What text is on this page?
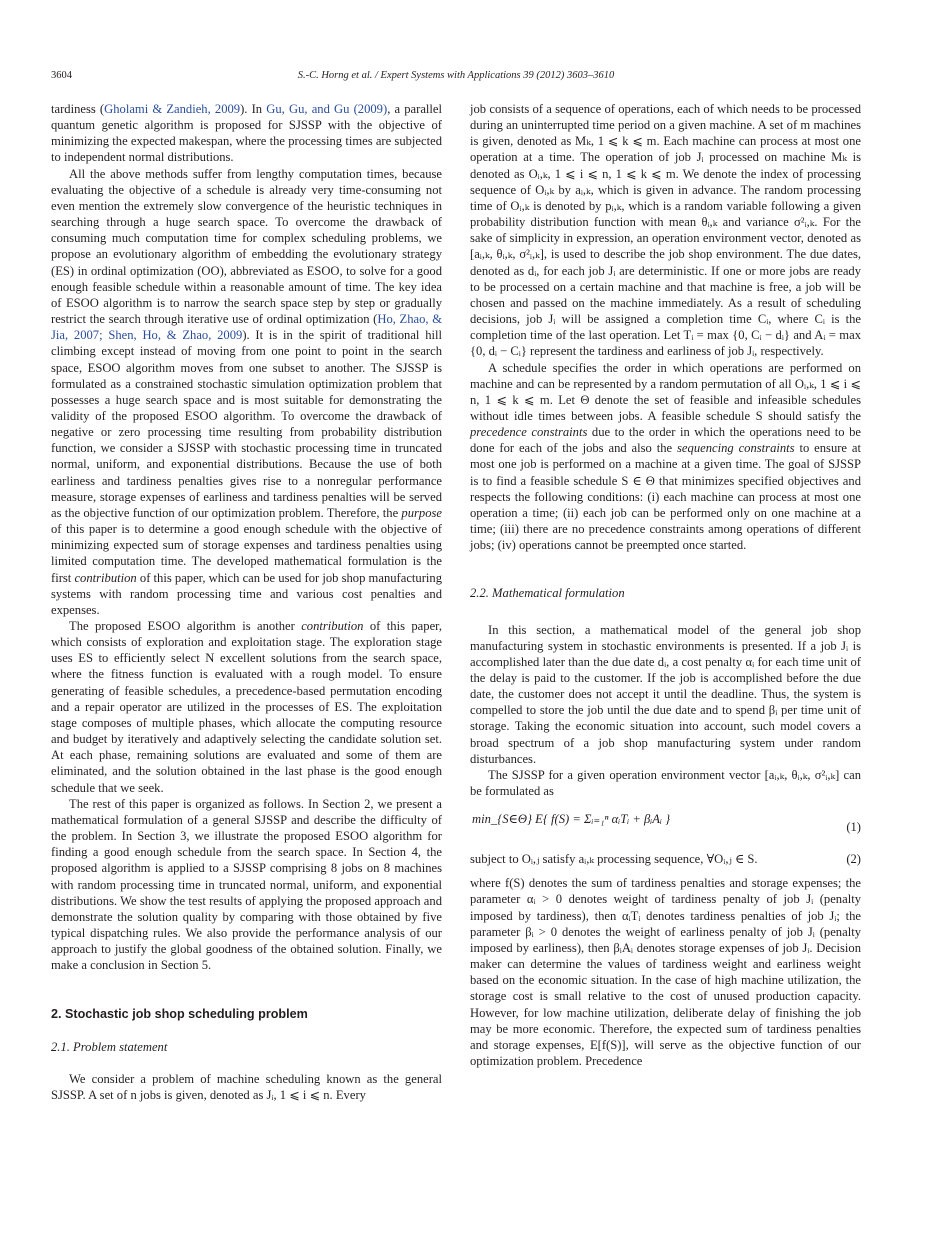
3604	S.-C. Horng et al. / Expert Systems with Applications 39 (2012) 3603–3610

tardiness (Gholami & Zandieh, 2009). In Gu, Gu, and Gu (2009), a parallel quantum genetic algorithm is proposed for SJSSP with the objective of minimizing the expected makespan, where the processing times are subjected to independent normal distributions.

All the above methods suffer from lengthy computation times, because evaluating the objective of a schedule is already very time-consuming not even mention the extremely slow convergence of the heuristic techniques in searching through a huge search space. To overcome the drawback of consuming much computation time for complex scheduling problems, we propose an evolutionary algorithm of embedding the evolutionary strategy (ES) in ordinal optimization (OO), abbreviated as ESOO, to solve for a good enough feasible schedule within a reasonable amount of time. The key idea of ESOO algorithm is to narrow the search space step by step or gradually restrict the search through iterative use of ordinal optimization (Ho, Zhao, & Jia, 2007; Shen, Ho, & Zhao, 2009). It is in the spirit of traditional hill climbing except instead of moving from one point to point in the search space, ESOO algorithm moves from one subset to another. The SJSSP is formulated as a constrained stochastic simulation optimization problem that possesses a huge search space and is most suitable for demonstrating the validity of the proposed ESOO algorithm. To overcome the drawback of negative or zero processing time resulting from probability distribution function, we consider a SJSSP with stochastic processing time in truncated normal, uniform, and exponential distributions. Because the use of both earliness and tardiness penalties gives rise to a nonregular performance measure, storage expenses of earliness and tardiness penalties will be served as the objective function of our optimization problem. Therefore, the purpose of this paper is to determine a good enough schedule with the objective of minimizing expected sum of storage expenses and tardiness penalties using limited computation time. The developed mathematical formulation is the first contribution of this paper, which can be used for job shop manufacturing systems with random processing time and various cost penalties and expenses.

The proposed ESOO algorithm is another contribution of this paper, which consists of exploration and exploitation stage. The exploration stage uses ES to efficiently select N excellent solutions from the search space, where the fitness function is evaluated with a rough model. To ensure generating of feasible schedules, a precedence-based permutation encoding and a repair operator are utilized in the processes of ES. The exploitation stage composes of multiple phases, which allocate the computing resource and budget by iteratively and adaptively selecting the candidate solution set. At each phase, remaining solutions are evaluated and some of them are eliminated, and the solution obtained in the last phase is the good enough schedule that we seek.

The rest of this paper is organized as follows. In Section 2, we present a mathematical formulation of a general SJSSP and describe the difficulty of the problem. In Section 3, we illustrate the proposed ESOO algorithm for finding a good enough schedule from the search space. In Section 4, the proposed algorithm is applied to a SJSSP comprising 8 jobs on 8 machines with random processing time in truncated normal, uniform, and exponential distributions. We show the test results of applying the proposed approach and demonstrate the solution quality by comparing with those obtained by five typical dispatching rules. We also provide the performance analysis of our approach to justify the global goodness of the obtained solution. Finally, we make a conclusion in Section 5.

2. Stochastic job shop scheduling problem
2.1. Problem statement

We consider a problem of machine scheduling known as the general SJSSP. A set of n jobs is given, denoted as Jᵢ, 1 ⩽ i ⩽ n. Every

job consists of a sequence of operations, each of which needs to be processed during an uninterrupted time period on a given machine. A set of m machines is given, denoted as Mₖ, 1 ⩽ k ⩽ m. Each machine can process at most one operation at a time. The operation of job Jᵢ processed on machine Mₖ is denoted as Oᵢ,ₖ, 1 ⩽ i ⩽ n, 1 ⩽ k ⩽ m. We denote the index of processing sequence of Oᵢ,ₖ by aᵢ,ₖ, which is given in advance. The random processing time of Oᵢ,ₖ is denoted by pᵢ,ₖ, which is a random variable following a given probability distribution function with mean θᵢ,ₖ and variance σ²ᵢ,ₖ. For the sake of simplicity in expression, an operation environment vector, denoted as [aᵢ,ₖ, θᵢ,ₖ, σ²ᵢ,ₖ], is used to describe the job shop environment. The due dates, denoted as dᵢ, for each job Jᵢ are deterministic. If one or more jobs are ready to be processed on a certain machine and that machine is free, a job will be chosen and passed on the machine immediately. As a result of scheduling decisions, job Jᵢ will be assigned a completion time Cᵢ, where Cᵢ is the completion time of the last operation. Let Tᵢ = max {0, Cᵢ − dᵢ} and Aᵢ = max {0, dᵢ − Cᵢ} represent the tardiness and earliness of job Jᵢ, respectively.

A schedule specifies the order in which operations are performed on machine and can be represented by a random permutation of all Oᵢ,ₖ, 1 ⩽ i ⩽ n, 1 ⩽ k ⩽ m. Let Θ denote the set of feasible and infeasible schedules without idle times between jobs. A feasible schedule S should satisfy the precedence constraints due to the order in which the operations need to be done for each of the jobs and also the sequencing constraints to ensure at most one job is performed on a machine at a given time. The goal of SJSSP is to find a feasible schedule S ∈ Θ that minimizes specified objectives and respects the following conditions: (i) each machine can process at most one operation a time; (ii) each job can be performed only on one machine at a time; (iii) there are no precedence constraints among operations of different jobs; (iv) operations cannot be preempted once started.

2.2. Mathematical formulation

In this section, a mathematical model of the general job shop manufacturing system in stochastic environments is presented. If a job Jᵢ is accomplished later than the due date dᵢ, a cost penalty αᵢ for each time unit of the delay is paid to the customer. If the job is accomplished before the due date, the customer does not accept it until the deadline. Thus, the system is compelled to store the job until the due date and to spend βᵢ per time unit of storage. Taking the economic situation into account, such model covers a broad spectrum of a job shop manufacturing system under random disturbances.

The SJSSP for a given operation environment vector [aᵢ,ₖ, θᵢ,ₖ, σ²ᵢ,ₖ] can be formulated as

min_{S∈Θ} E{ f(S) = Σᵢ₌₁ⁿ αᵢTᵢ + βᵢAᵢ }
(1)
subject to Oᵢ,ⱼ satisfy aᵢ,ₖ processing sequence, ∀Oᵢ,ⱼ ∈ S.	(2)

where f(S) denotes the sum of tardiness penalties and storage expenses; the parameter αᵢ > 0 denotes weight of tardiness penalty of job Jᵢ (penalty imposed by tardiness), then αᵢTᵢ denotes tardiness penalties of job Jᵢ; the parameter βᵢ > 0 denotes the weight of earliness penalty of job Jᵢ (penalty imposed by earliness), then βᵢAᵢ denotes storage expenses of job Jᵢ. Decision maker can determine the values of tardiness weight and earliness weight based on the economic situation. In the case of high machine utilization, the storage cost is small relative to the cost of unused production capacity. However, for low machine utilization, deliberate delay of finishing the job may be more economic. Therefore, the expected sum of tardiness penalties and storage expenses, E[f(S)], will serve as the objective function of our optimization problem. Precedence
